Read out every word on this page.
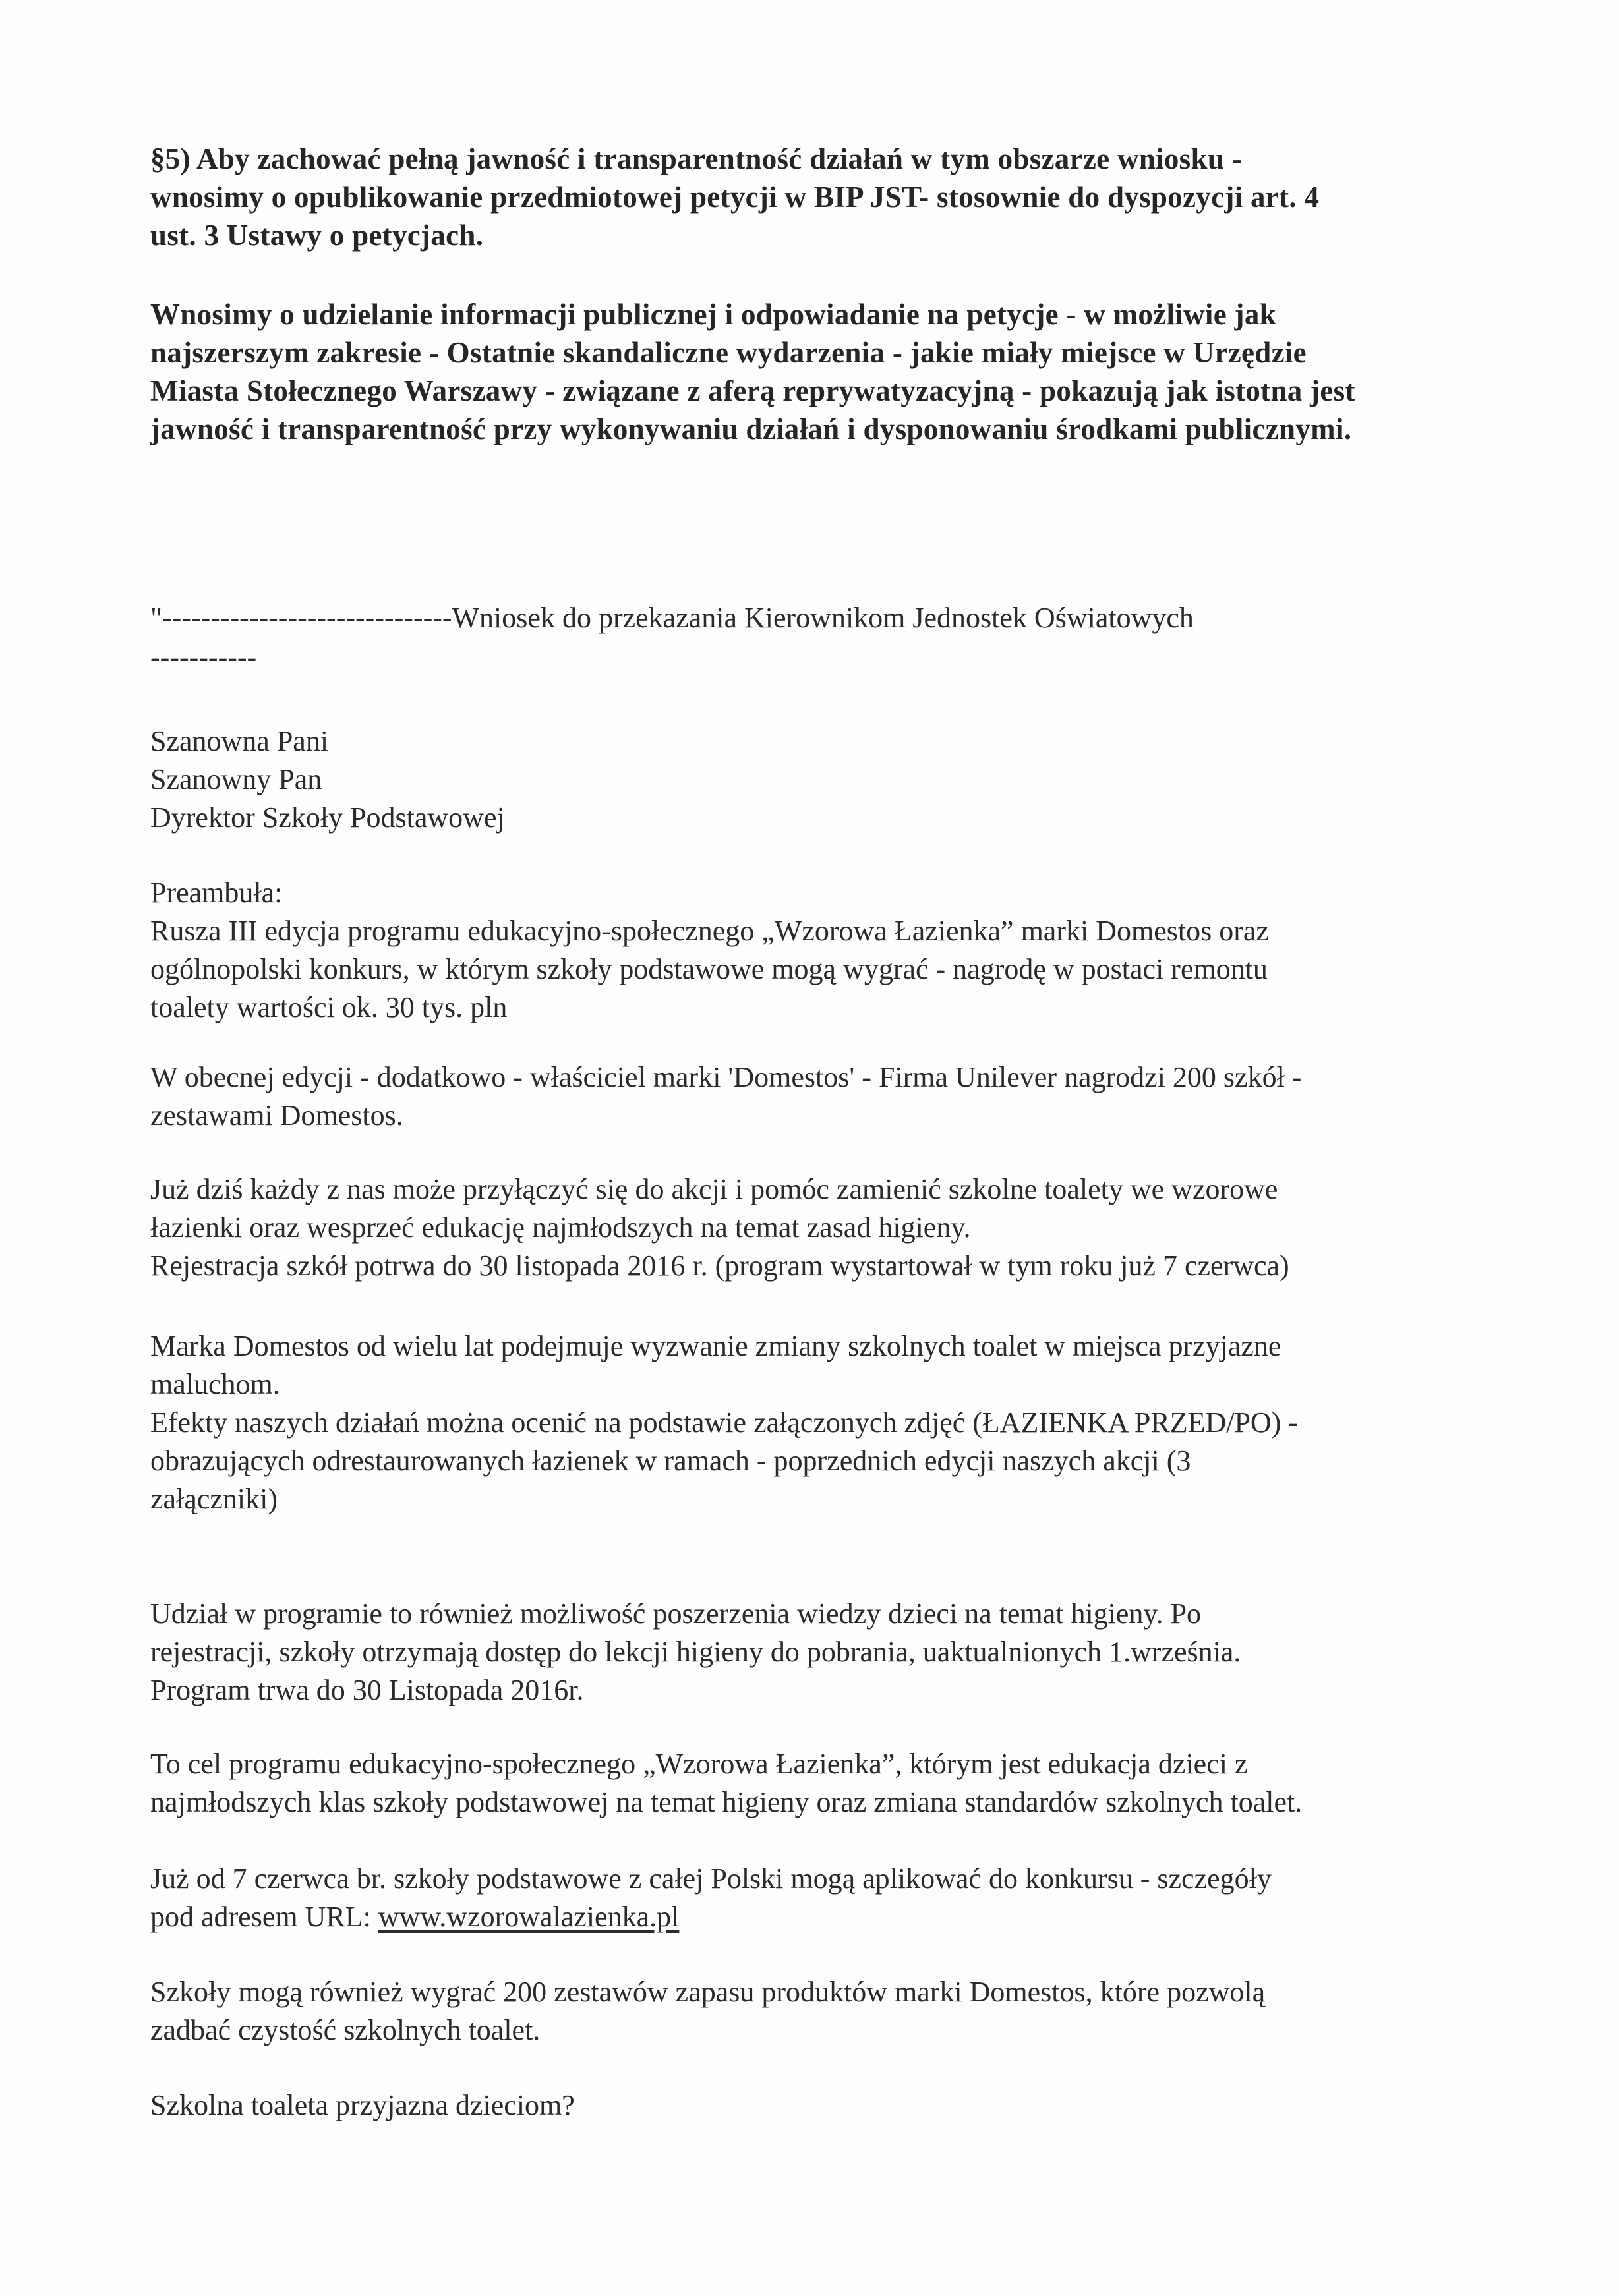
§5) Aby zachować pełną jawność i transparentność działań w tym obszarze wniosku -
wnosimy o opublikowanie przedmiotowej petycji w BIP JST- stosownie do dyspozycji art. 4
ust. 3 Ustawy o petycjach.
Wnosimy o udzielanie informacji publicznej i odpowiadanie na petycje - w możliwie jak
najszerszym zakresie - Ostatnie skandaliczne wydarzenia - jakie miały miejsce w Urzędzie
Miasta Stołecznego Warszawy - związane z aferą reprywatyzacyjną - pokazują jak istotna jest
jawność i transparentność przy wykonywaniu działań i dysponowaniu środkami publicznymi.
"------------------------------Wniosek do przekazania Kierownikom Jednostek Oświatowych
-----------
Szanowna Pani
Szanowny Pan
Dyrektor Szkoły Podstawowej
Preambuła:
Rusza III edycja programu edukacyjno-społecznego „Wzorowa Łazienka” marki Domestos oraz
ogólnopolski konkurs, w którym szkoły podstawowe mogą wygrać - nagrodę w postaci remontu
toalety wartości ok. 30 tys. pln
W obecnej edycji - dodatkowo - właściciel marki 'Domestos' - Firma Unilever nagrodzi 200 szkół -
zestawami Domestos.
Już dziś każdy z nas może przyłączyć się do akcji i pomóc zamienić szkolne toalety we wzorowe
łazienki oraz wesprzeć edukację najmłodszych na temat zasad higieny.
Rejestracja szkół potrwa do 30 listopada 2016 r. (program wystartował w tym roku już 7 czerwca)
Marka Domestos od wielu lat podejmuje wyzwanie zmiany szkolnych toalet w miejsca przyjazne
maluchom.
Efekty naszych działań można ocenić na podstawie załączonych zdjęć (ŁAZIENKA PRZED/PO) -
obrazujących odrestaurowanych łazienek w ramach - poprzednich edycji naszych akcji (3
załączniki)
Udział w programie to również możliwość poszerzenia wiedzy dzieci na temat higieny. Po
rejestracji, szkoły otrzymają dostęp do lekcji higieny do pobrania, uaktualnionych 1.września.
Program trwa do 30 Listopada 2016r.
To cel programu edukacyjno-społecznego „Wzorowa Łazienka”, którym jest edukacja dzieci z
najmłodszych klas szkoły podstawowej na temat higieny oraz zmiana standardów szkolnych toalet.
Już od 7 czerwca br. szkoły podstawowe z całej Polski mogą aplikować do konkursu - szczegóły
pod adresem URL: www.wzorowalazienka.pl
Szkoły mogą również wygrać 200 zestawów zapasu produktów marki Domestos, które pozwolą
zadbać czystość szkolnych toalet.
Szkolna toaleta przyjazna dzieciom?
